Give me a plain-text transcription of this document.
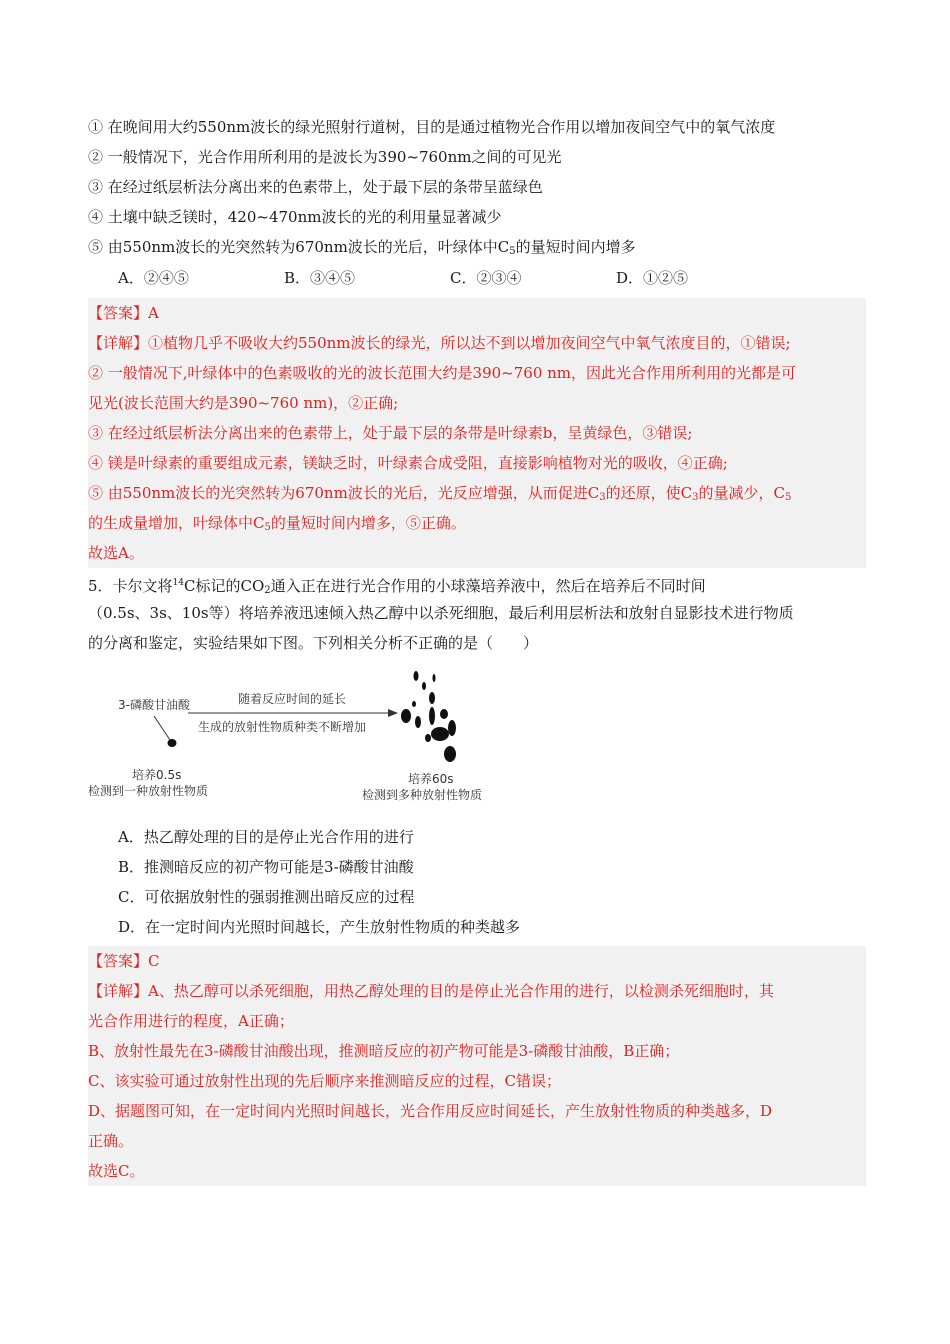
① 在晚间用大约550nm波长的绿光照射行道树，目的是通过植物光合作用以增加夜间空气中的氧气浓度
② 一般情况下，光合作用所利用的是波长为390~760nm之间的可见光
③ 在经过纸层析法分离出来的色素带上，处于最下层的条带呈蓝绿色
④ 土壤中缺乏镁时，420~470nm波长的光的利用量显著减少
⑤ 由550nm波长的光突然转为670nm波长的光后，叶绿体中$C_5$的量短时间内增多
A．②④⑤	B．③④⑤	C．②③④	D．①②⑤
【答案】A
【详解】①植物几乎不吸收大约550nm波长的绿光，所以达不到以增加夜间空气中氧气浓度目的，①错误;
② 一般情况下,叶绿体中的色素吸收的光的波长范围大约是390~760 nm，因此光合作用所利用的光都是可
见光(波长范围大约是390~760 nm)，②正确;
③ 在经过纸层析法分离出来的色素带上，处于最下层的条带是叶绿素b，呈黄绿色，③错误;
④ 镁是叶绿素的重要组成元素，镁缺乏时，叶绿素合成受阻，直接影响植物对光的吸收，④正确;
⑤ 由550nm波长的光突然转为670nm波长的光后，光反应增强，从而促进$C_3$的还原，使$C_3$的量减少，$C_5$
的生成量增加，叶绿体中$C_5$的量短时间内增多，⑤正确。
故选A。
5．卡尔文将$^{14}$C标记的$CO_2$通入正在进行光合作用的小球藻培养液中，然后在培养后不同时间
（0.5s、3s、10s等）将培养液迅速倾入热乙醇中以杀死细胞，最后利用层析法和放射自显影技术进行物质
的分离和鉴定，实验结果如下图。下列相关分析不正确的是（　　）
3-磷酸甘油酸	随着反应时间的延长
生成的放射性物质种类不断增加
培养0.5s
检测到一种放射性物质
培养60s
检测到多种放射性物质
A．热乙醇处理的目的是停止光合作用的进行
B．推测暗反应的初产物可能是3-磷酸甘油酸
C．可依据放射性的强弱推测出暗反应的过程
D．在一定时间内光照时间越长，产生放射性物质的种类越多
【答案】C
【详解】A、热乙醇可以杀死细胞，用热乙醇处理的目的是停止光合作用的进行，以检测杀死细胞时，其
光合作用进行的程度，A正确；
B、放射性最先在3-磷酸甘油酸出现，推测暗反应的初产物可能是3-磷酸甘油酸，B正确；
C、该实验可通过放射性出现的先后顺序来推测暗反应的过程，C错误；
D、据题图可知，在一定时间内光照时间越长，光合作用反应时间延长，产生放射性物质的种类越多，D
正确。
故选C。
